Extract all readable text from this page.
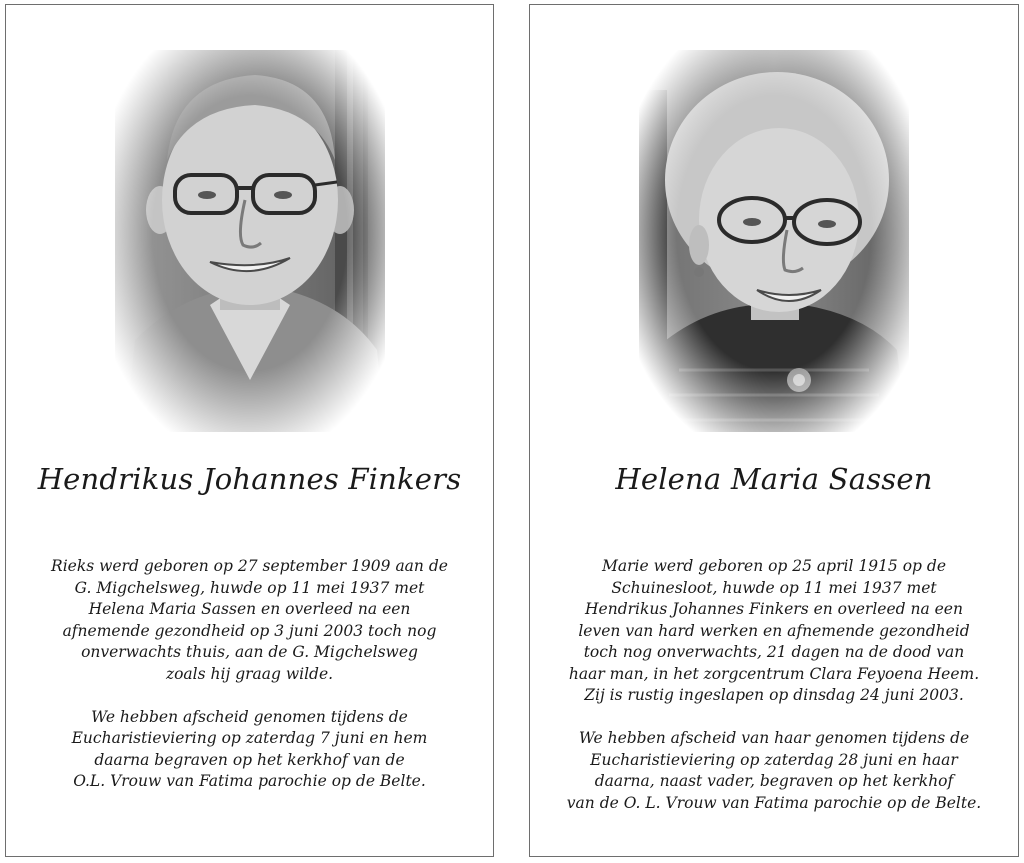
Hendrikus Johannes Finkers
Rieks werd geboren op 27 september 1909 aan de
G. Migchelsweg, huwde op 11 mei 1937 met
Helena Maria Sassen en overleed na een
afnemende gezondheid op 3 juni 2003 toch nog
onverwachts thuis, aan de G. Migchelsweg
zoals hij graag wilde.
We hebben afscheid genomen tijdens de
Eucharistieviering op zaterdag 7 juni en hem
daarna begraven op het kerkhof van de
O.L. Vrouw van Fatima parochie op de Belte.
Helena Maria Sassen
Marie werd geboren op 25 april 1915 op de
Schuinesloot, huwde op 11 mei 1937 met
Hendrikus Johannes Finkers en overleed na een
leven van hard werken en afnemende gezondheid
toch nog onverwachts, 21 dagen na de dood van
haar man, in het zorgcentrum Clara Feyoena Heem.
Zij is rustig ingeslapen op dinsdag 24 juni 2003.
We hebben afscheid van haar genomen tijdens de
Eucharistieviering op zaterdag 28 juni en haar
daarna, naast vader, begraven op het kerkhof
van de O. L. Vrouw van Fatima parochie op de Belte.
